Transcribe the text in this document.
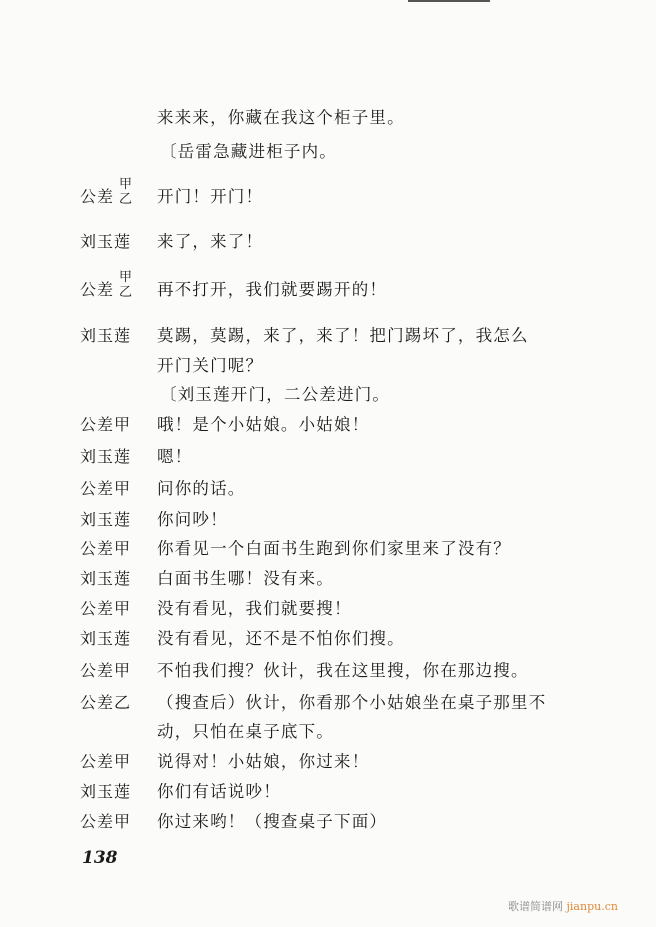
来来来，你藏在我这个柜子里。
〔岳雷急藏进柜子内。
公差
甲
乙 开门！开门！
刘玉莲 来了，来了！
公差
甲
乙 再不打开，我们就要踢开的！
刘玉莲 莫踢，莫踢，来了，来了！把门踢坏了，我怎么
开门关门呢？
〔刘玉莲开门，二公差进门。
公差甲 哦！是个小姑娘。小姑娘！
刘玉莲 嗯！
公差甲 问你的话。
刘玉莲 你问吵！
公差甲 你看见一个白面书生跑到你们家里来了没有？
刘玉莲 白面书生哪！没有来。
公差甲 没有看见，我们就要搜！
刘玉莲 没有看见，还不是不怕你们搜。
公差甲 不怕我们搜？伙计，我在这里搜，你在那边搜。
公差乙 （搜查后）伙计，你看那个小姑娘坐在桌子那里不
动，只怕在桌子底下。
公差甲 说得对！小姑娘，你过来！
刘玉莲 你们有话说吵！
公差甲 你过来哟！（搜查桌子下面）
138
歌谱简谱网 jianpu.cn
